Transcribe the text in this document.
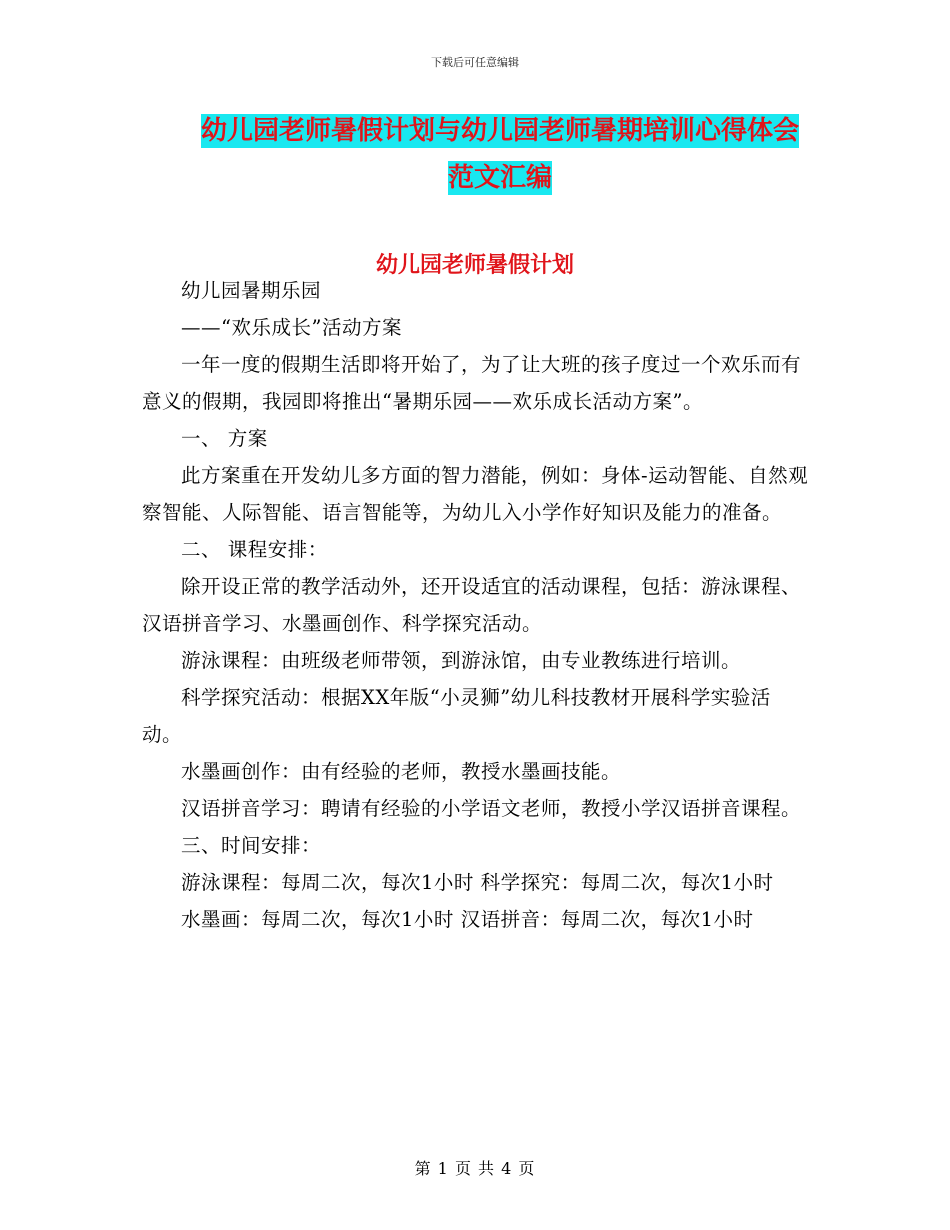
下载后可任意编辑
幼儿园老师暑假计划与幼儿园老师暑期培训心得体会
范文汇编
幼儿园老师暑假计划

幼儿园暑期乐园

——“欢乐成长”活动方案

一年一度的假期生活即将开始了，为了让大班的孩子度过一个欢乐而有意义的假期，我园即将推出“暑期乐园——欢乐成长活动方案”。

一、 方案

此方案重在开发幼儿多方面的智力潜能，例如：身体-运动智能、自然观察智能、人际智能、语言智能等，为幼儿入小学作好知识及能力的准备。

二、 课程安排：

除开设正常的教学活动外，还开设适宜的活动课程，包括：游泳课程、汉语拼音学习、水墨画创作、科学探究活动。

游泳课程：由班级老师带领，到游泳馆，由专业教练进行培训。

科学探究活动：根据XX年版“小灵狮”幼儿科技教材开展科学实验活动。

水墨画创作：由有经验的老师，教授水墨画技能。

汉语拼音学习：聘请有经验的小学语文老师，教授小学汉语拼音课程。

三、时间安排：

游泳课程：每周二次，每次1小时 科学探究：每周二次，每次1小时

水墨画：每周二次，每次1小时 汉语拼音：每周二次，每次1小时

第 1 页 共 4 页
